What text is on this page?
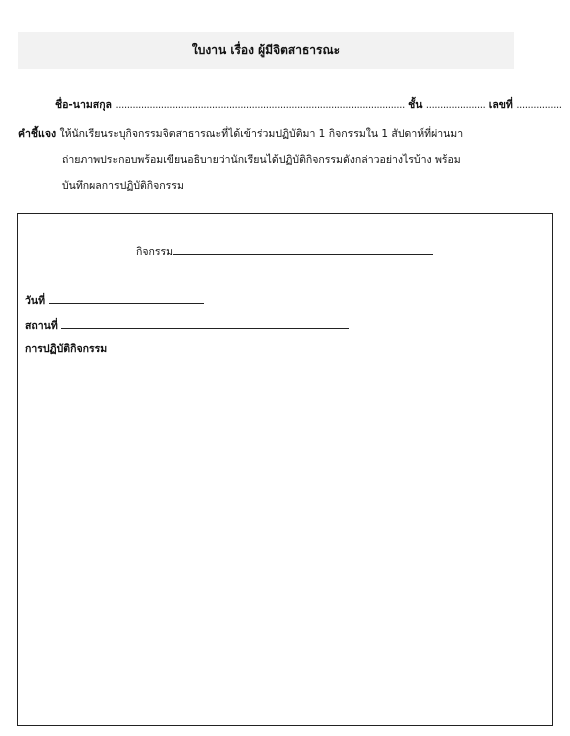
ใบงาน เรื่อง ผู้มีจิตสาธารณะ
ชื่อ-นามสกุล ...................................................................................................... ชั้น ..................... เลขที่ ................
คำชี้แจง ให้นักเรียนระบุกิจกรรมจิตสาธารณะที่ได้เข้าร่วมปฏิบัติมา 1 กิจกรรมใน 1 สัปดาห์ที่ผ่านมา
ถ่ายภาพประกอบพร้อมเขียนอธิบายว่านักเรียนได้ปฏิบัติกิจกรรมดังกล่าวอย่างไรบ้าง พร้อม
บันทึกผลการปฏิบัติกิจกรรม
กิจกรรม
วันที่
สถานที่
การปฏิบัติกิจกรรม
